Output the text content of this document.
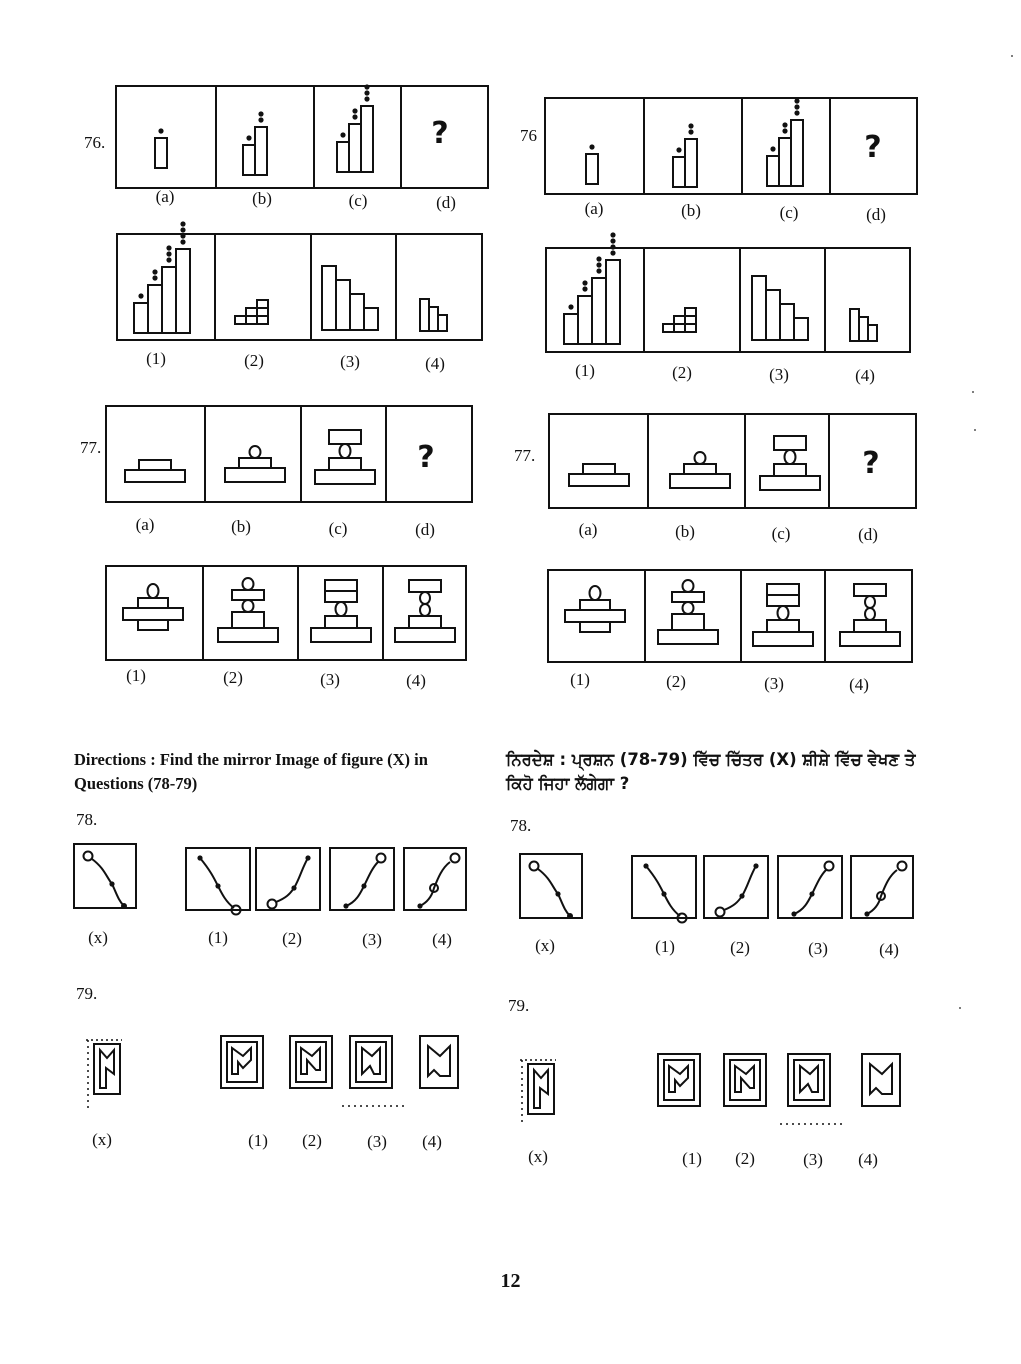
76.	?
(a)	(b)	(c)	(d)
(1)	(2)	(3)	(4)
76	?
(a)	(b)	(c)	(d)
(1)	(2)	(3)	(4)
77.	?
(a)	(b)	(c)	(d)
(1)	(2)	(3)	(4)
77.	?
(a)	(b)	(c)	(d)
(1)	(2)	(3)	(4)
Directions : Find the mirror Image of figure (X) in Questions (78-79)
ਨਿਰਦੇਸ਼ : ਪ੍ਰਸ਼ਨ (78-79) ਵਿੱਚ ਚਿੱਤਰ (X) ਸ਼ੀਸ਼ੇ ਵਿੱਚ ਵੇਖਣ ਤੇ ਕਿਹੋ ਜਿਹਾ ਲੱਗੇਗਾ ?
78.
(x)	(1)	(2)	(3)	(4)
78.
(x)	(1)	(2)	(3)	(4)
79.
(x)	(1) (2)	(3) (4)
79.
(x)	(1) (2)	(3) (4)
12
